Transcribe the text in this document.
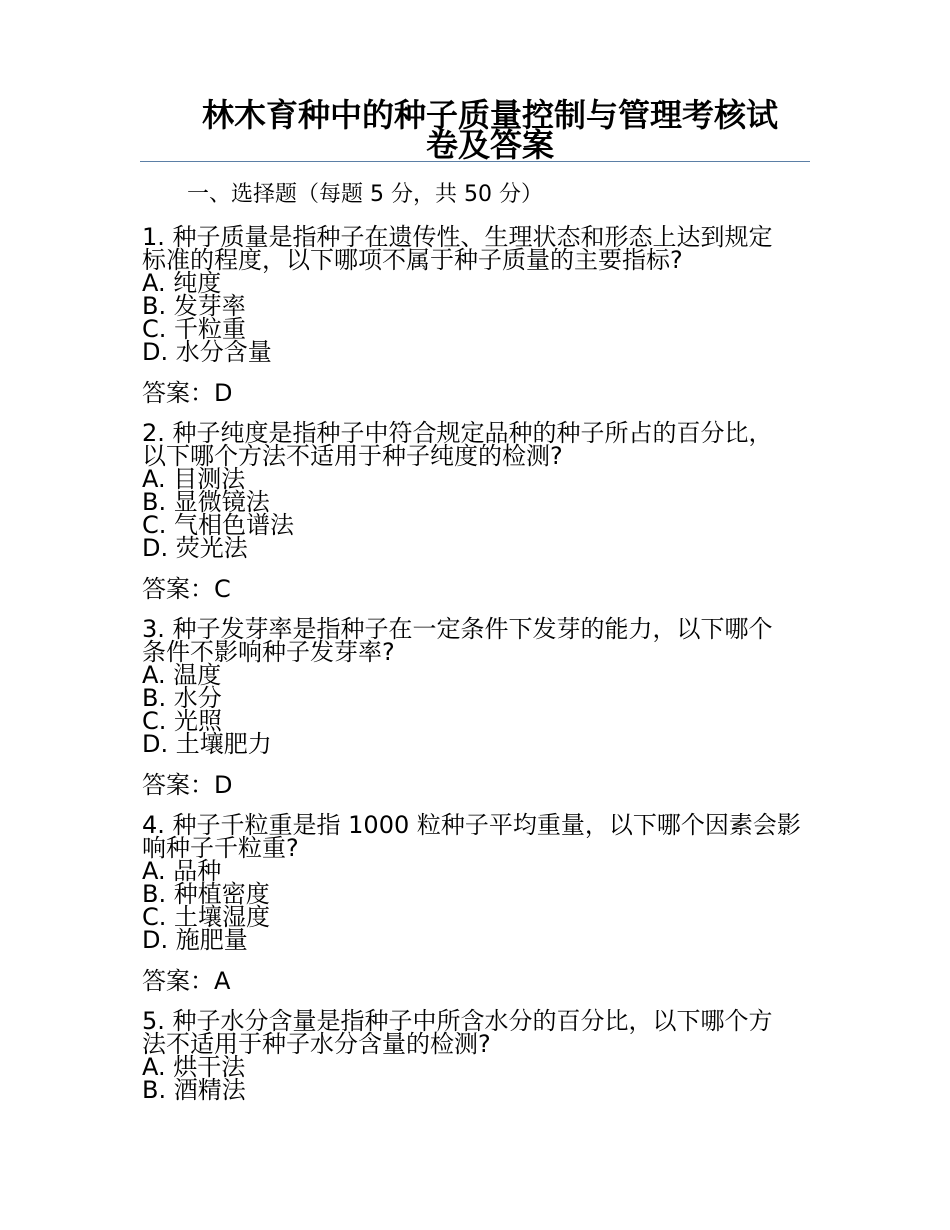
林木育种中的种子质量控制与管理考核试
卷及答案
一、选择题（每题 5 分，共 50 分）

1. 种子质量是指种子在遗传性、生理状态和形态上达到规定

标准的程度，以下哪项不属于种子质量的主要指标?

A. 纯度
B. 发芽率
C. 千粒重
D. 水分含量
答案：D

2. 种子纯度是指种子中符合规定品种的种子所占的百分比，

以下哪个方法不适用于种子纯度的检测?

A. 目测法
B. 显微镜法
C. 气相色谱法
D. 荧光法
答案：C

3. 种子发芽率是指种子在一定条件下发芽的能力，以下哪个

条件不影响种子发芽率?

A. 温度
B. 水分
C. 光照
D. 土壤肥力
答案：D

4. 种子千粒重是指 1000 粒种子平均重量，以下哪个因素会影

响种子千粒重?

A. 品种
B. 种植密度
C. 土壤湿度
D. 施肥量
答案：A

5. 种子水分含量是指种子中所含水分的百分比，以下哪个方

法不适用于种子水分含量的检测?

A. 烘干法
B. 酒精法
